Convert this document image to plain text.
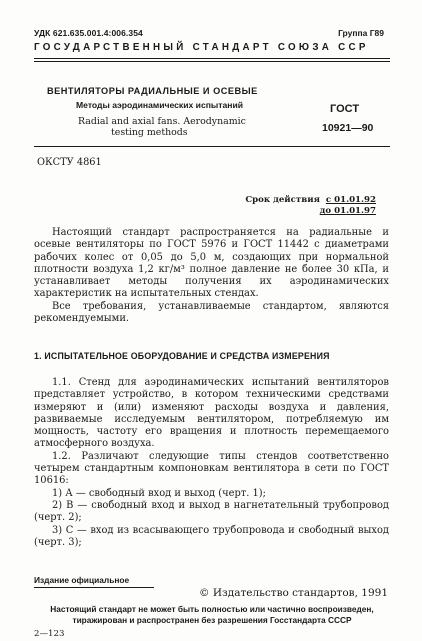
УДК 621.635.001.4:006.354	Группа Г89
ГОСУДАРСТВЕННЫЙ СТАНДАРТ СОЮЗА ССР
ВЕНТИЛЯТОРЫ РАДИАЛЬНЫЕ И ОСЕВЫЕ
Методы аэродинамических испытаний
Radial and axial fans. Aerodynamic
testing methods
ГОСТ
10921—90
ОКСТУ 4861
Срок действия с 01.01.92
до 01.01.97

Настоящий стандарт распространяется на радиальные и осевые вентиляторы по ГОСТ 5976 и ГОСТ 11442 с диаметрами рабочих колес от 0,05 до 5,0 м, создающих при нормальной плотности воздуха 1,2 кг/м³ полное давление не более 30 кПа, и устанавливает методы получения их аэродинамических характеристик на испытательных стендах.

Все требования, устанавливаемые стандартом, являются рекомендуемыми.

1. ИСПЫТАТЕЛЬНОЕ ОБОРУДОВАНИЕ И СРЕДСТВА ИЗМЕРЕНИЯ

1.1. Стенд для аэродинамических испытаний вентиляторов представляет устройство, в котором техническими средствами измеряют и (или) изменяют расходы воздуха и давления, развиваемые исследуемым вентилятором, потребляемую им мощность, частоту его вращения и плотность перемещаемого атмосферного воздуха.

1.2. Различают следующие типы стендов соответственно четырем стандартным компоновкам вентилятора в сети по ГОСТ 10616:

1) А — свободный вход и выход (черт. 1);

2) В — свободный вход и выход в нагнетательный трубопровод (черт. 2);

3) С — вход из всасывающего трубопровода и свободный выход (черт. 3);

Издание официальное
© Издательство стандартов, 1991
Настоящий стандарт не может быть полностью или частично воспроизведен, тиражирован и распространен без разрешения Госстандарта СССР
2—123
